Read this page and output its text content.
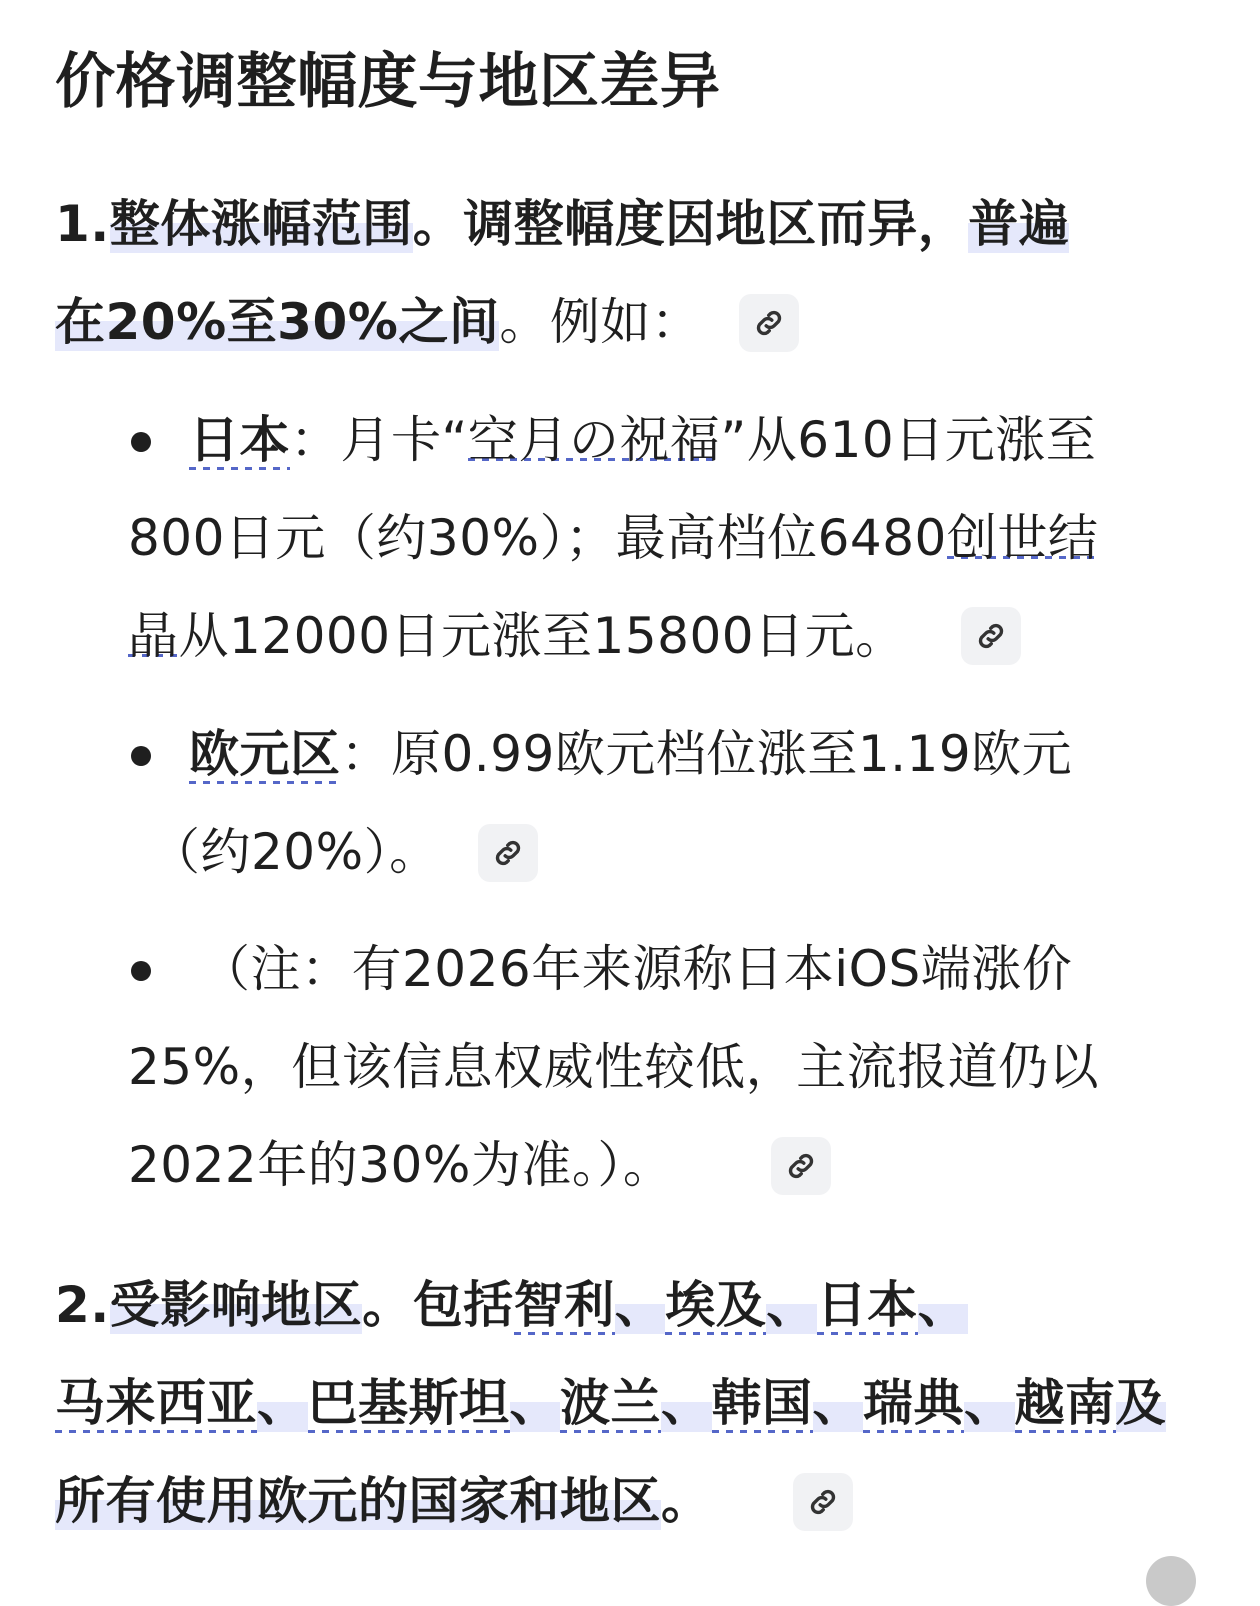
价格调整幅度与地区差异
1.整体涨幅范围。调整幅度因地区而异，普遍
在20%至30%之间。例如：
日本：月卡“空月の祝福”从610日元涨至
800日元（约30%）；最高档位6480创世结
晶从12000日元涨至15800日元。
欧元区：原0.99欧元档位涨至1.19欧元
（约20%）。
（注：有2026年来源称日本iOS端涨价
25%，但该信息权威性较低，主流报道仍以
2022年的30%为准。）。
2.受影响地区。包括智利、埃及、日本、
马来西亚、巴基斯坦、波兰、韩国、瑞典、越南及
所有使用欧元的国家和地区。
